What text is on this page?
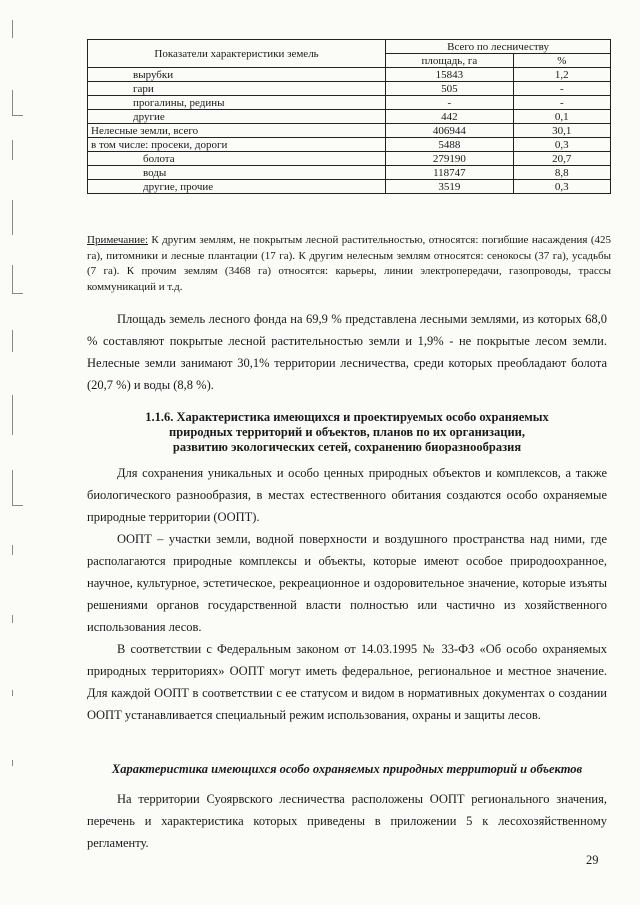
Показатели характеристики земель	Всего по лесничеству	
	площадь, га	%
вырубки	15843	1,2
гари	505	-
прогалины, редины	-	-
другие	442	0,1
Нелесные земли, всего	406944	30,1
в том числе: просеки, дороги	5488	0,3
болота	279190	20,7
воды	118747	8,8
другие, прочие	3519	0,3
Примечание: К другим землям, не покрытым лесной растительностью, относятся: погибшие насаждения (425 га), питомники и лесные плантации (17 га). К другим нелесным землям относятся: сенокосы (37 га), усадьбы (7 га). К прочим землям (3468 га) относятся: карьеры, линии электропередачи, газопроводы, трассы коммуникаций и т.д.
Площадь земель лесного фонда на 69,9 % представлена лесными землями, из которых 68,0 % составляют покрытые лесной растительностью земли и 1,9% - не покрытые лесом земли. Нелесные земли занимают 30,1% территории лесничества, среди которых преобладают болота (20,7 %) и воды (8,8 %).
1.1.6. Характеристика имеющихся и проектируемых особо охраняемых
природных территорий и объектов, планов по их организации,
развитию экологических сетей, сохранению биоразнообразия
Для сохранения уникальных и особо ценных природных объектов и комплексов, а также биологического разнообразия, в местах естественного обитания создаются особо охраняемые природные территории (ООПТ).
ООПТ – участки земли, водной поверхности и воздушного пространства над ними, где располагаются природные комплексы и объекты, которые имеют особое природоохранное, научное, культурное, эстетическое, рекреационное и оздоровительное значение, которые изъяты решениями органов государственной власти полностью или частично из хозяйственного использования лесов.
В соответствии с Федеральным законом от 14.03.1995 № 33-ФЗ «Об особо охраняемых природных территориях» ООПТ могут иметь федеральное, региональное и местное значение. Для каждой ООПТ в соответствии с ее статусом и видом в нормативных документах о создании ООПТ устанавливается специальный режим использования, охраны и защиты лесов.
Характеристика имеющихся особо охраняемых природных территорий и объектов
На территории Суоярвского лесничества расположены ООПТ регионального значения, перечень и характеристика которых приведены в приложении 5 к лесохозяйственному регламенту.
29
